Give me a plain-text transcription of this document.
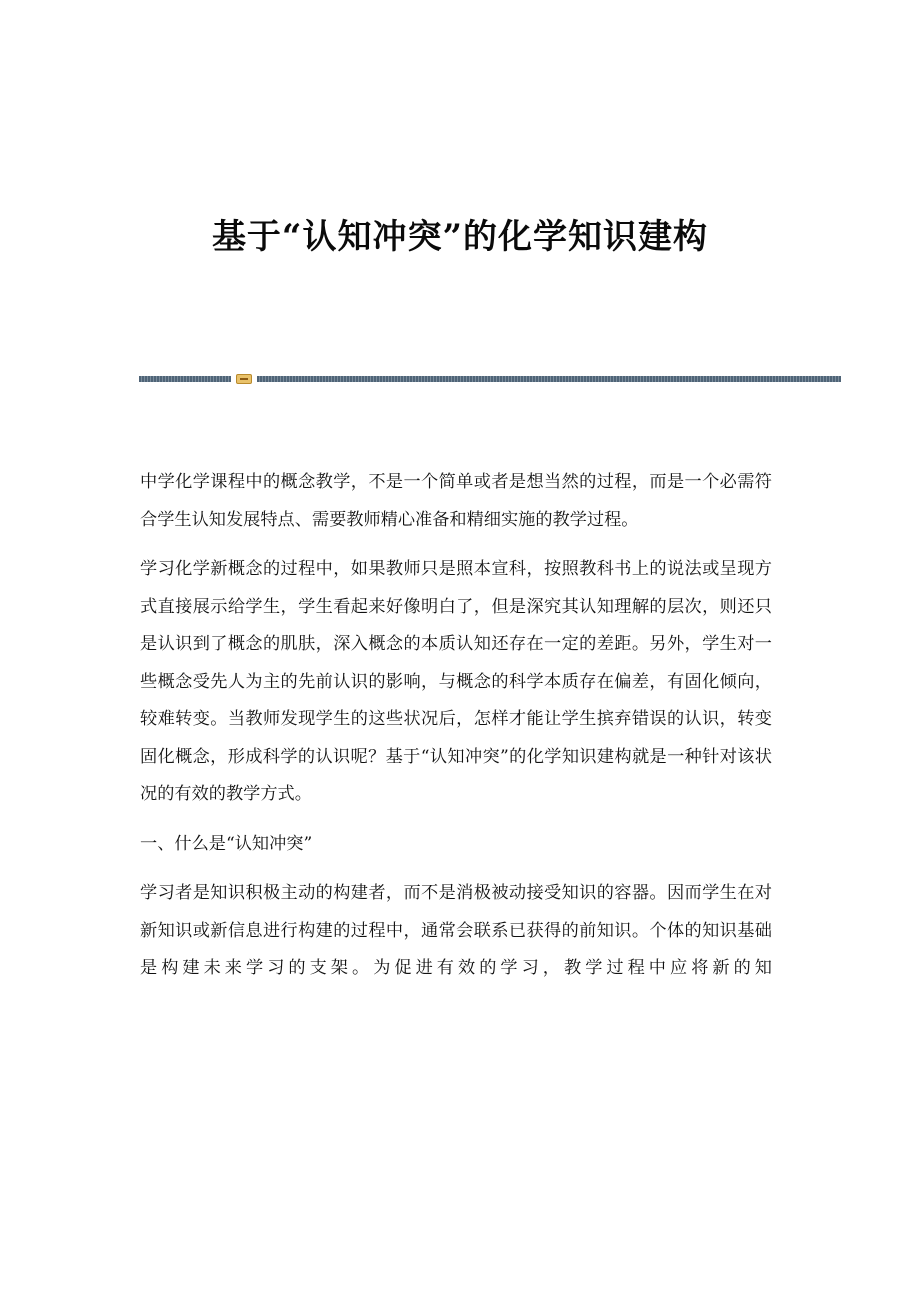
基于“认知冲突”的化学知识建构

中学化学课程中的概念教学，不是一个简单或者是想当然的过程，而是一个必需符合学生认知发展特点、需要教师精心准备和精细实施的教学过程。

学习化学新概念的过程中，如果教师只是照本宣科，按照教科书上的说法或呈现方式直接展示给学生，学生看起来好像明白了，但是深究其认知理解的层次，则还只是认识到了概念的肌肤，深入概念的本质认知还存在一定的差距。另外，学生对一些概念受先人为主的先前认识的影响，与概念的科学本质存在偏差，有固化倾向，较难转变。当教师发现学生的这些状况后，怎样才能让学生摈弃错误的认识，转变固化概念，形成科学的认识呢？基于“认知冲突”的化学知识建构就是一种针对该状况的有效的教学方式。

一、什么是“认知冲突”

学习者是知识积极主动的构建者，而不是消极被动接受知识的容器。因而学生在对新知识或新信息进行构建的过程中，通常会联系已获得的前知识。个体的知识基础是构建未来学习的支架。为促进有效的学习，教学过程中应将新的知
